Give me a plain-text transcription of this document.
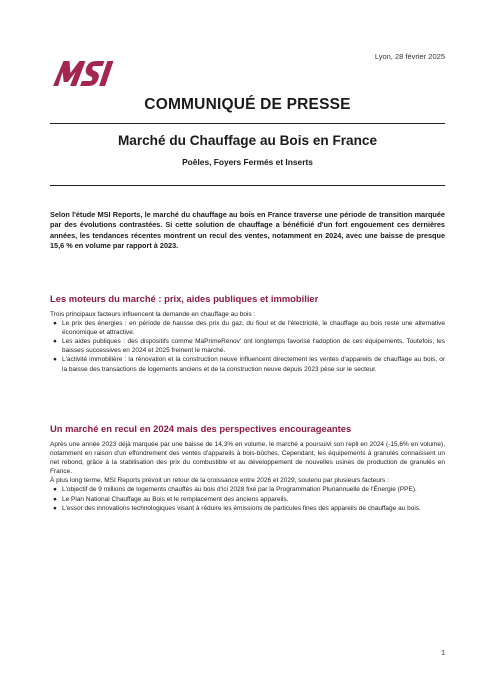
Lyon, 28 février 2025
COMMUNIQUÉ DE PRESSE
Marché du Chauffage au Bois en France
Poêles, Foyers Fermés et Inserts
Selon l'étude MSI Reports, le marché du chauffage au bois en France traverse une période de transition marquée par des évolutions contrastées. Si cette solution de chauffage a bénéficié d'un fort engouement ces dernières années, les tendances récentes montrent un recul des ventes, notamment en 2024, avec une baisse de presque 15,6 % en volume par rapport à 2023.
Les moteurs du marché : prix, aides publiques et immobilier

Trois principaux facteurs influencent la demande en chauffage au bois :

● Le prix des énergies : en période de hausse des prix du gaz, du fioul et de l'électricité, le chauffage au bois reste une alternative économique et attractive.
● Les aides publiques : des dispositifs comme MaPrimeRénov' ont longtemps favorisé l'adoption de ces équipements. Toutefois, les baisses successives en 2024 et 2025 freinent le marché.
● L'activité immobilière : la rénovation et la construction neuve influencent directement les ventes d'appareils de chauffage au bois, or la baisse des transactions de logements anciens et de la construction neuve depuis 2023 pèse sur le secteur.
Un marché en recul en 2024 mais des perspectives encourageantes

Après une année 2023 déjà marquée par une baisse de 14,3% en volume, le marché a poursuivi son repli en 2024 (-15,6% en volume), notamment en raison d'un effondrement des ventes d'appareils à bois-bûches. Cependant, les équipements à granulés connaissent un net rebond, grâce à la stabilisation des prix du combustible et au développement de nouvelles usines de production de granulés en France.

À plus long terme, MSI Reports prévoit un retour de la croissance entre 2026 et 2029, soutenu par plusieurs facteurs :

● L'objectif de 9 millions de logements chauffés au bois d'ici 2028 fixé par la Programmation Pluriannuelle de l'Énergie (PPE).
● Le Plan National Chauffage au Bois et le remplacement des anciens appareils.
● L'essor des innovations technologiques visant à réduire les émissions de particules fines des appareils de chauffage au bois.
1
